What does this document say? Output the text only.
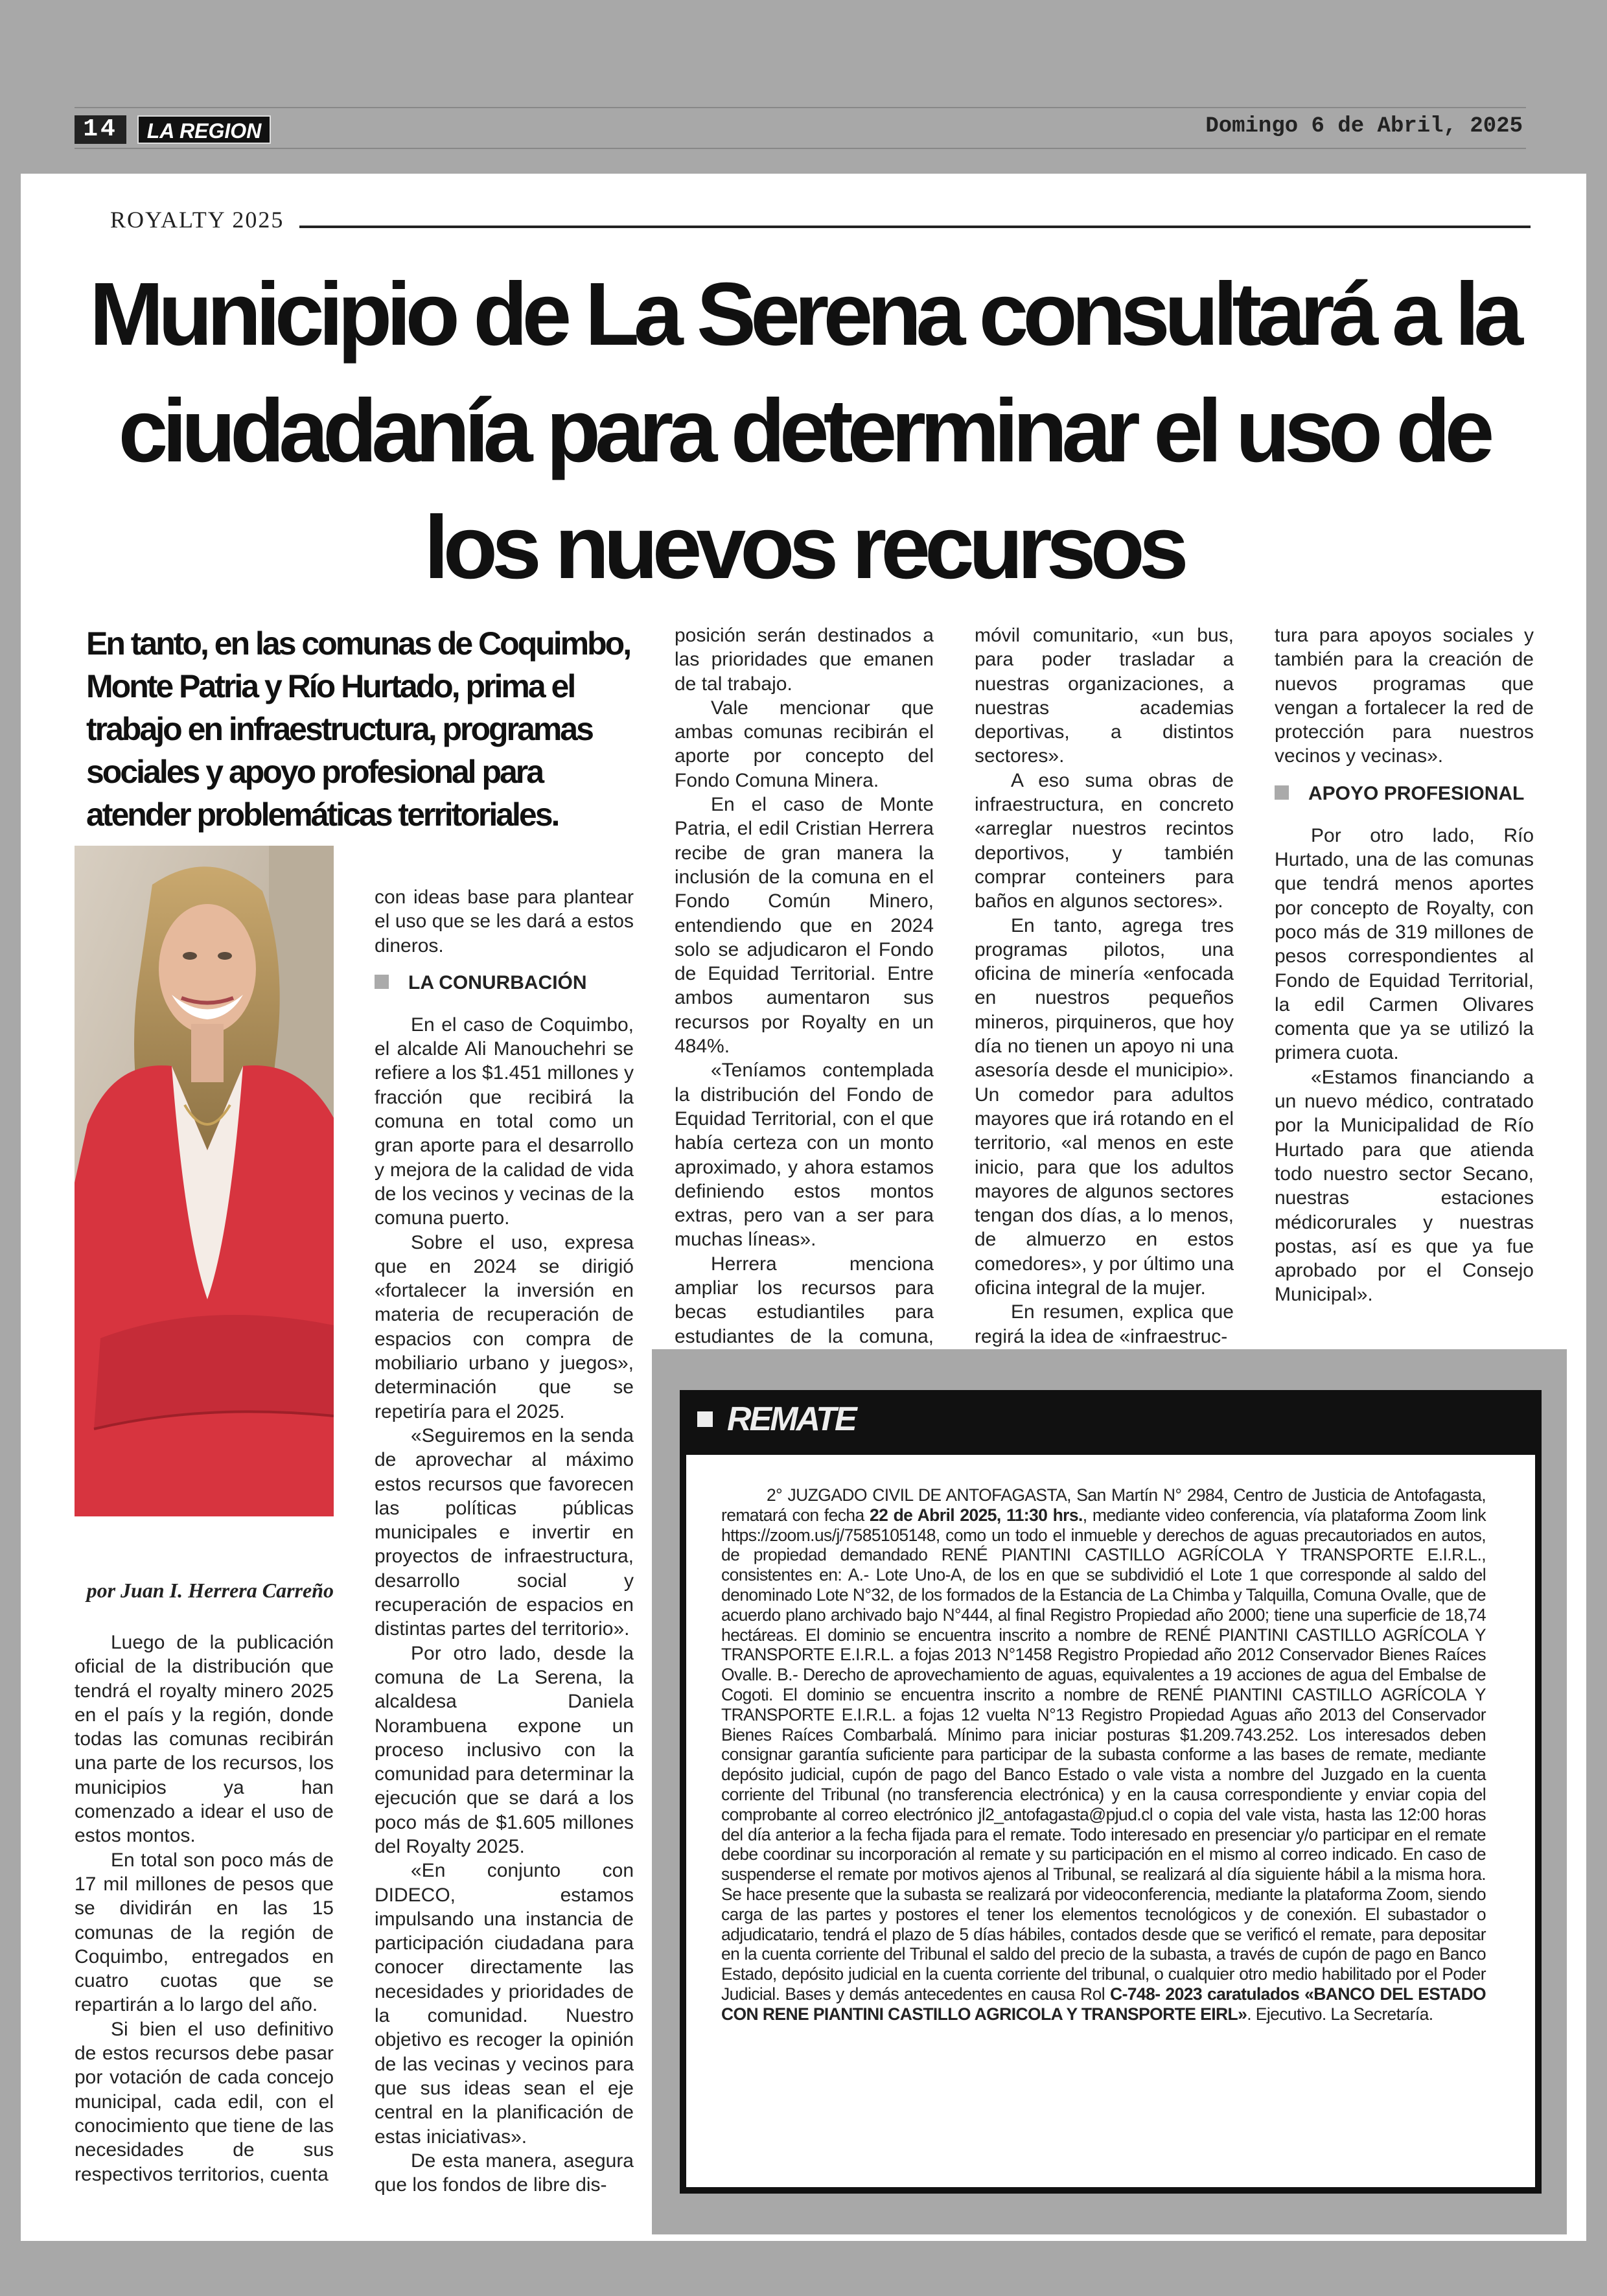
14	LA REGION	Domingo 6 de Abril, 2025
ROYALTY 2025
Municipio de La Serena consultará a la ciudadanía para determinar el uso de los nuevos recursos
En tanto, en las comunas de Coquimbo, Monte Patria y Río Hurtado, prima el trabajo en infraestructura, programas sociales y apoyo profesional para atender problemáticas territoriales.
por Juan I. Herrera Carreño

Luego de la publicación oficial de la distribución que tendrá el royalty minero 2025 en el país y la región, donde todas las comunas recibirán una parte de los recursos, los municipios ya han comenzado a idear el uso de estos montos.

En total son poco más de 17 mil millones de pesos que se dividirán en las 15 comunas de la región de Coquimbo, entregados en cuatro cuotas que se repartirán a lo largo del año.

Si bien el uso definitivo de estos recursos debe pasar por votación de cada concejo municipal, cada edil, con el conocimiento que tiene de las necesidades de sus respectivos territorios, cuenta

con ideas base para plantear el uso que se les dará a estos dineros.

LA CONURBACIÓN

En el caso de Coquimbo, el alcalde Ali Manouchehri se refiere a los $1.451 millones y fracción que recibirá la comuna en total como un gran aporte para el desarrollo y mejora de la calidad de vida de los vecinos y vecinas de la comuna puerto.

Sobre el uso, expresa que en 2024 se dirigió «fortalecer la inversión en materia de recuperación de espacios con compra de mobiliario urbano y juegos», determinación que se repetiría para el 2025.

«Seguiremos en la senda de aprovechar al máximo estos recursos que favorecen las políticas públicas municipales e invertir en proyectos de infraestructura, desarrollo social y recuperación de espacios en distintas partes del territorio».

Por otro lado, desde la comuna de La Serena, la alcaldesa Daniela Norambuena expone un proceso inclusivo con la comunidad para determinar la ejecución que se dará a los poco más de $1.605 millones del Royalty 2025.

«En conjunto con DIDECO, estamos impulsando una instancia de participación ciudadana para conocer directamente las necesidades y prioridades de la comunidad. Nuestro objetivo es recoger la opinión de las vecinas y vecinos para que sus ideas sean el eje central en la planificación de estas iniciativas».

De esta manera, asegura que los fondos de libre dis-

posición serán destinados a las prioridades que emanen de tal trabajo.

Vale mencionar que ambas comunas recibirán el aporte por concepto del Fondo Comuna Minera.

En el caso de Monte Patria, el edil Cristian Herrera recibe de gran manera la inclusión de la comuna en el Fondo Común Minero, entendiendo que en 2024 solo se adjudicaron el Fondo de Equidad Territorial. Entre ambos aumentaron sus recursos por Royalty en un 484%.

«Teníamos contemplada la distribución del Fondo de Equidad Territorial, con el que había certeza con un monto aproximado, y ahora estamos definiendo estos montos extras, pero van a ser para muchas líneas».

Herrera menciona ampliar los recursos para becas estudiantiles para estudiantes de la comuna,

móvil comunitario, «un bus, para poder trasladar a nuestras organizaciones, a nuestras academias deportivas, a distintos sectores».

A eso suma obras de infraestructura, en concreto «arreglar nuestros recintos deportivos, y también comprar conteiners para baños en algunos sectores».

En tanto, agrega tres programas pilotos, una oficina de minería «enfocada en nuestros pequeños mineros, pirquineros, que hoy día no tienen un apoyo ni una asesoría desde el municipio». Un comedor para adultos mayores que irá rotando en el territorio, «al menos en este inicio, para que los adultos mayores de algunos sectores tengan dos días, a lo menos, de almuerzo en estos comedores», y por último una oficina integral de la mujer.

En resumen, explica que regirá la idea de «infraestruc-

tura para apoyos sociales y también para la creación de nuevos programas que vengan a fortalecer la red de protección para nuestros vecinos y vecinas».

APOYO PROFESIONAL

Por otro lado, Río Hurtado, una de las comunas que tendrá menos aportes por concepto de Royalty, con poco más de 319 millones de pesos correspondientes al Fondo de Equidad Territorial, la edil Carmen Olivares comenta que ya se utilizó la primera cuota.

«Estamos financiando a un nuevo médico, contratado por la Municipalidad de Río Hurtado para que atienda todo nuestro sector Secano, nuestras estaciones médicorurales y nuestras postas, así es que ya fue aprobado por el Consejo Municipal».

REMATE
2° JUZGADO CIVIL DE ANTOFAGASTA, San Martín N° 2984, Centro de Justicia de Antofagasta, rematará con fecha 22 de Abril 2025, 11:30 hrs., mediante video conferencia, vía plataforma Zoom link https://zoom.us/j/7585105148, como un todo el inmueble y derechos de aguas precautoriados en autos, de propiedad demandado RENÉ PIANTINI CASTILLO AGRÍCOLA Y TRANSPORTE E.I.R.L., consistentes en: A.- Lote Uno-A, de los en que se subdividió el Lote 1 que corresponde al saldo del denominado Lote N°32, de los formados de la Estancia de La Chimba y Talquilla, Comuna Ovalle, que de acuerdo plano archivado bajo N°444, al final Registro Propiedad año 2000; tiene una superficie de 18,74 hectáreas. El dominio se encuentra inscrito a nombre de RENÉ PIANTINI CASTILLO AGRÍCOLA Y TRANSPORTE E.I.R.L. a fojas 2013 N°1458 Registro Propiedad año 2012 Conservador Bienes Raíces Ovalle. B.- Derecho de aprovechamiento de aguas, equivalentes a 19 acciones de agua del Embalse de Cogoti. El dominio se encuentra inscrito a nombre de RENÉ PIANTINI CASTILLO AGRÍCOLA Y TRANSPORTE E.I.R.L. a fojas 12 vuelta N°13 Registro Propiedad Aguas año 2013 del Conservador Bienes Raíces Combarbalá. Mínimo para iniciar posturas $1.209.743.252. Los interesados deben consignar garantía suficiente para participar de la subasta conforme a las bases de remate, mediante depósito judicial, cupón de pago del Banco Estado o vale vista a nombre del Juzgado en la cuenta corriente del Tribunal (no transferencia electrónica) y en la causa correspondiente y enviar copia del comprobante al correo electrónico jl2_antofagasta@pjud.cl o copia del vale vista, hasta las 12:00 horas del día anterior a la fecha fijada para el remate. Todo interesado en presenciar y/o participar en el remate debe coordinar su incorporación al remate y su participación en el mismo al correo indicado. En caso de suspenderse el remate por motivos ajenos al Tribunal, se realizará al día siguiente hábil a la misma hora. Se hace presente que la subasta se realizará por videoconferencia, mediante la plataforma Zoom, siendo carga de las partes y postores el tener los elementos tecnológicos y de conexión. El subastador o adjudicatario, tendrá el plazo de 5 días hábiles, contados desde que se verificó el remate, para depositar en la cuenta corriente del Tribunal el saldo del precio de la subasta, a través de cupón de pago en Banco Estado, depósito judicial en la cuenta corriente del tribunal, o cualquier otro medio habilitado por el Poder Judicial. Bases y demás antecedentes en causa Rol C-748- 2023 caratulados «BANCO DEL ESTADO CON RENE PIANTINI CASTILLO AGRICOLA Y TRANSPORTE EIRL». Ejecutivo. La Secretaría.
